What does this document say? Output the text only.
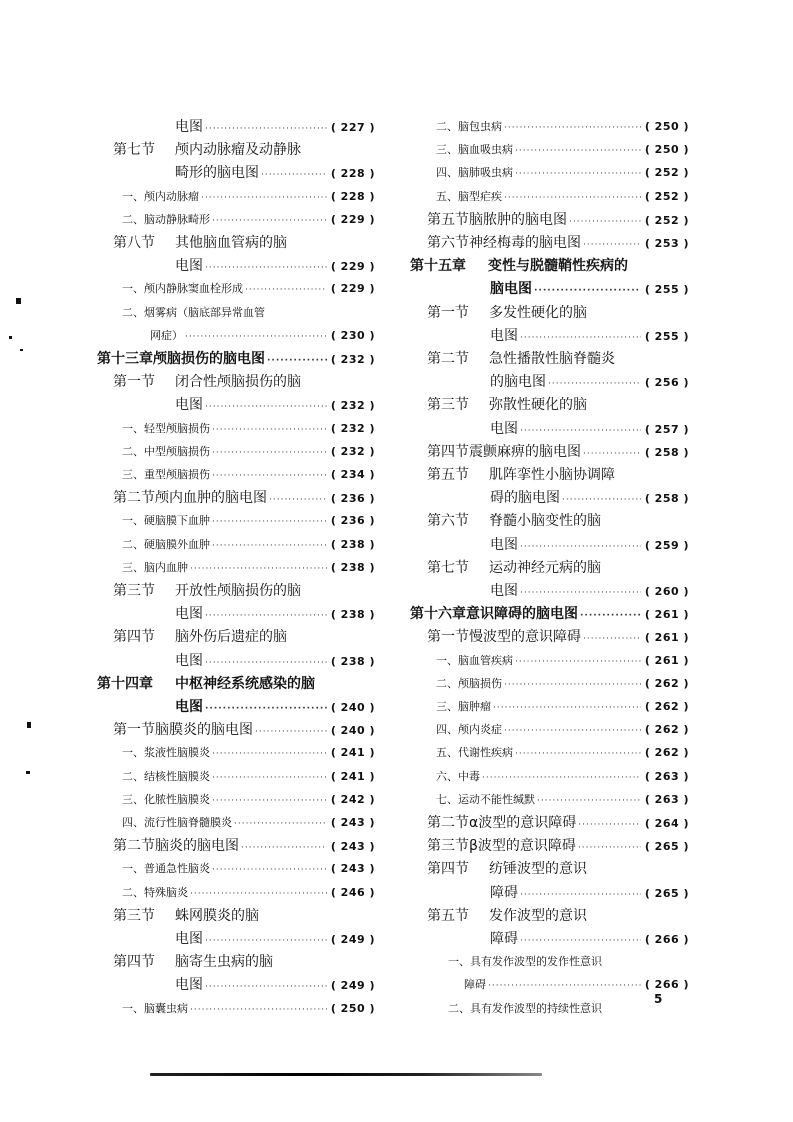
电图 ·····	( 227 )
第七节	颅内动脉瘤及动静脉
畸形的脑电图 ·····	( 228 )
一、颅内动脉瘤 ·····	( 228 )
二、脑动静脉畸形 ·····	( 229 )
第八节	其他脑血管病的脑
电图 ·····	( 229 )
一、颅内静脉窦血栓形成 ·····	( 229 )
二、烟雾病（脑底部异常血管
网症） ·····	( 230 )
第十三章 颅脑损伤的脑电图 ·····	( 232 )
第一节	闭合性颅脑损伤的脑
电图 ·····	( 232 )
一、轻型颅脑损伤 ·····	( 232 )
二、中型颅脑损伤 ·····	( 232 )
三、重型颅脑损伤 ·····	( 234 )
第二节 颅内血肿的脑电图 ·····	( 236 )
一、硬脑膜下血肿 ·····	( 236 )
二、硬脑膜外血肿 ·····	( 238 )
三、脑内血肿 ·····	( 238 )
第三节	开放性颅脑损伤的脑
电图 ·····	( 238 )
第四节	脑外伤后遗症的脑
电图 ·····	( 238 )
第十四章	中枢神经系统感染的脑
电图 ·····	( 240 )
第一节 脑膜炎的脑电图 ·····	( 240 )
一、浆液性脑膜炎 ·····	( 241 )
二、结核性脑膜炎 ·····	( 241 )
三、化脓性脑膜炎 ·····	( 242 )
四、流行性脑脊髓膜炎 ·····	( 243 )
第二节 脑炎的脑电图 ·····	( 243 )
一、普通急性脑炎 ·····	( 243 )
二、特殊脑炎 ·····	( 246 )
第三节	蛛网膜炎的脑
电图 ·····	( 249 )
第四节	脑寄生虫病的脑
电图 ·····	( 249 )
一、脑囊虫病 ·····	( 250 )
二、脑包虫病 ·····	( 250 )
三、脑血吸虫病 ·····	( 250 )
四、脑肺吸虫病 ·····	( 252 )
五、脑型疟疾 ·····	( 252 )
第五节 脑脓肿的脑电图 ·····	( 252 )
第六节 神经梅毒的脑电图 ·····	( 253 )
第十五章	变性与脱髓鞘性疾病的
脑电图 ·····	( 255 )
第一节	多发性硬化的脑
电图 ·····	( 255 )
第二节	急性播散性脑脊髓炎
的脑电图 ·····	( 256 )
第三节	弥散性硬化的脑
电图 ·····	( 257 )
第四节 震颤麻痹的脑电图 ·····	( 258 )
第五节	肌阵挛性小脑协调障
碍的脑电图 ·····	( 258 )
第六节	脊髓小脑变性的脑
电图 ·····	( 259 )
第七节	运动神经元病的脑
电图 ·····	( 260 )
第十六章 意识障碍的脑电图 ·····	( 261 )
第一节 慢波型的意识障碍 ·····	( 261 )
一、脑血管疾病 ·····	( 261 )
二、颅脑损伤 ·····	( 262 )
三、脑肿瘤 ·····	( 262 )
四、颅内炎症 ·····	( 262 )
五、代谢性疾病 ·····	( 262 )
六、中毒 ·····	( 263 )
七、运动不能性缄默 ·····	( 263 )
第二节 α波型的意识障碍 ·····	( 264 )
第三节 β波型的意识障碍 ·····	( 265 )
第四节	纺锤波型的意识
障碍 ·····	( 265 )
第五节	发作波型的意识
障碍 ·····	( 266 )
一、具有发作波型的发作性意识
障碍 ·····	( 266 )
二、具有发作波型的持续性意识
5
